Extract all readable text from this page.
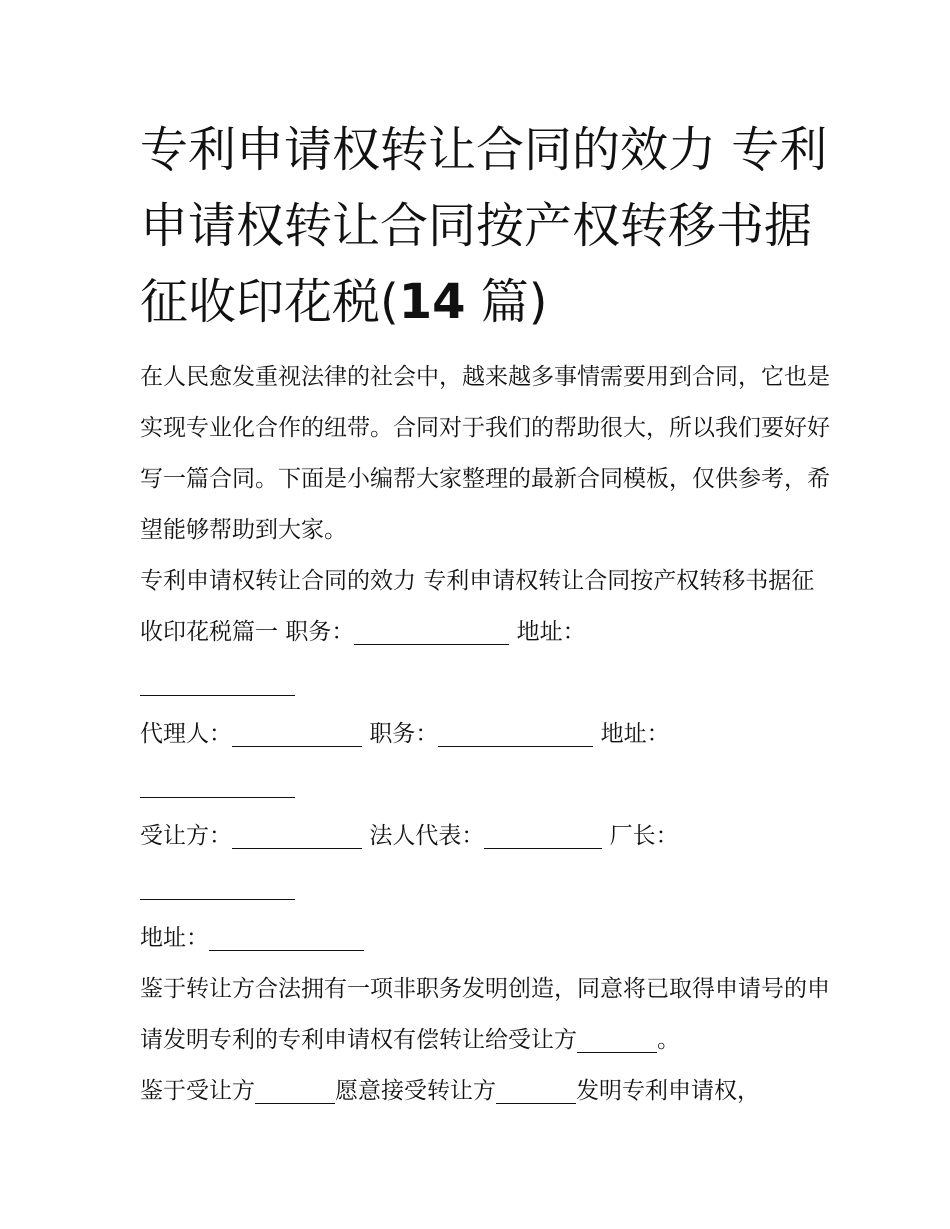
专利申请权转让合同的效力 专利申请权转让合同按产权转移书据征收印花税(14 篇)

在人民愈发重视法律的社会中，越来越多事情需要用到合同，它也是实现专业化合作的纽带。合同对于我们的帮助很大，所以我们要好好写一篇合同。下面是小编帮大家整理的最新合同模板，仅供参考，希望能够帮助到大家。

专利申请权转让合同的效力 专利申请权转让合同按产权转移书据征收印花税篇一 职务：	地址：

代理人：	职务：	地址：

受让方：	法人代表：	厂长：

地址：

鉴于转让方合法拥有一项非职务发明创造，同意将已取得申请号的申请发明专利的专利申请权有偿转让给受让方	。

鉴于受让方	愿意接受转让方	发明专利申请权，
